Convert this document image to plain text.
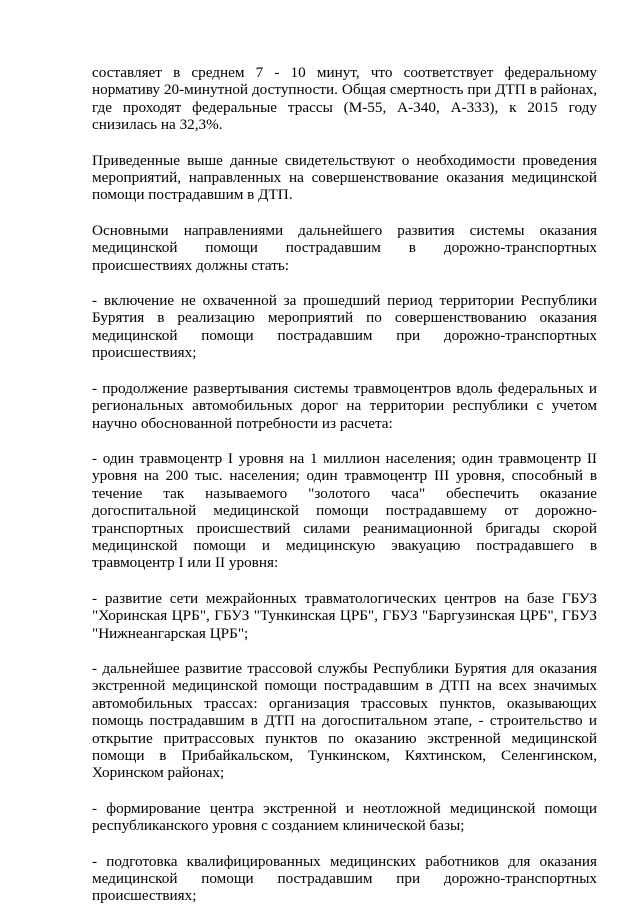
составляет в среднем 7 - 10 минут, что соответствует федеральному нормативу 20-минутной доступности. Общая смертность при ДТП в районах, где проходят федеральные трассы (М-55, А-340, А-333), к 2015 году снизилась на 32,3%.

Приведенные выше данные свидетельствуют о необходимости проведения мероприятий, направленных на совершенствование оказания медицинской помощи пострадавшим в ДТП.

Основными направлениями дальнейшего развития системы оказания медицинской помощи пострадавшим в дорожно-транспортных происшествиях должны стать:

- включение не охваченной за прошедший период территории Республики Бурятия в реализацию мероприятий по совершенствованию оказания медицинской помощи пострадавшим при дорожно-транспортных происшествиях;

- продолжение развертывания системы травмоцентров вдоль федеральных и региональных автомобильных дорог на территории республики с учетом научно обоснованной потребности из расчета:

- один травмоцентр I уровня на 1 миллион населения; один травмоцентр II уровня на 200 тыс. населения; один травмоцентр III уровня, способный в течение так называемого "золотого часа" обеспечить оказание догоспитальной медицинской помощи пострадавшему от дорожно-транспортных происшествий силами реанимационной бригады скорой медицинской помощи и медицинскую эвакуацию пострадавшего в травмоцентр I или II уровня:

- развитие сети межрайонных травматологических центров на базе ГБУЗ "Хоринская ЦРБ", ГБУЗ "Тункинская ЦРБ", ГБУЗ "Баргузинская ЦРБ", ГБУЗ "Нижнеангарская ЦРБ";

- дальнейшее развитие трассовой службы Республики Бурятия для оказания экстренной медицинской помощи пострадавшим в ДТП на всех значимых автомобильных трассах: организация трассовых пунктов, оказывающих помощь пострадавшим в ДТП на догоспитальном этапе, - строительство и открытие притрассовых пунктов по оказанию экстренной медицинской помощи в Прибайкальском, Тункинском, Кяхтинском, Селенгинском, Хоринском районах;

- формирование центра экстренной и неотложной медицинской помощи республиканского уровня с созданием клинической базы;

- подготовка квалифицированных медицинских работников для оказания медицинской помощи пострадавшим при дорожно-транспортных происшествиях;
